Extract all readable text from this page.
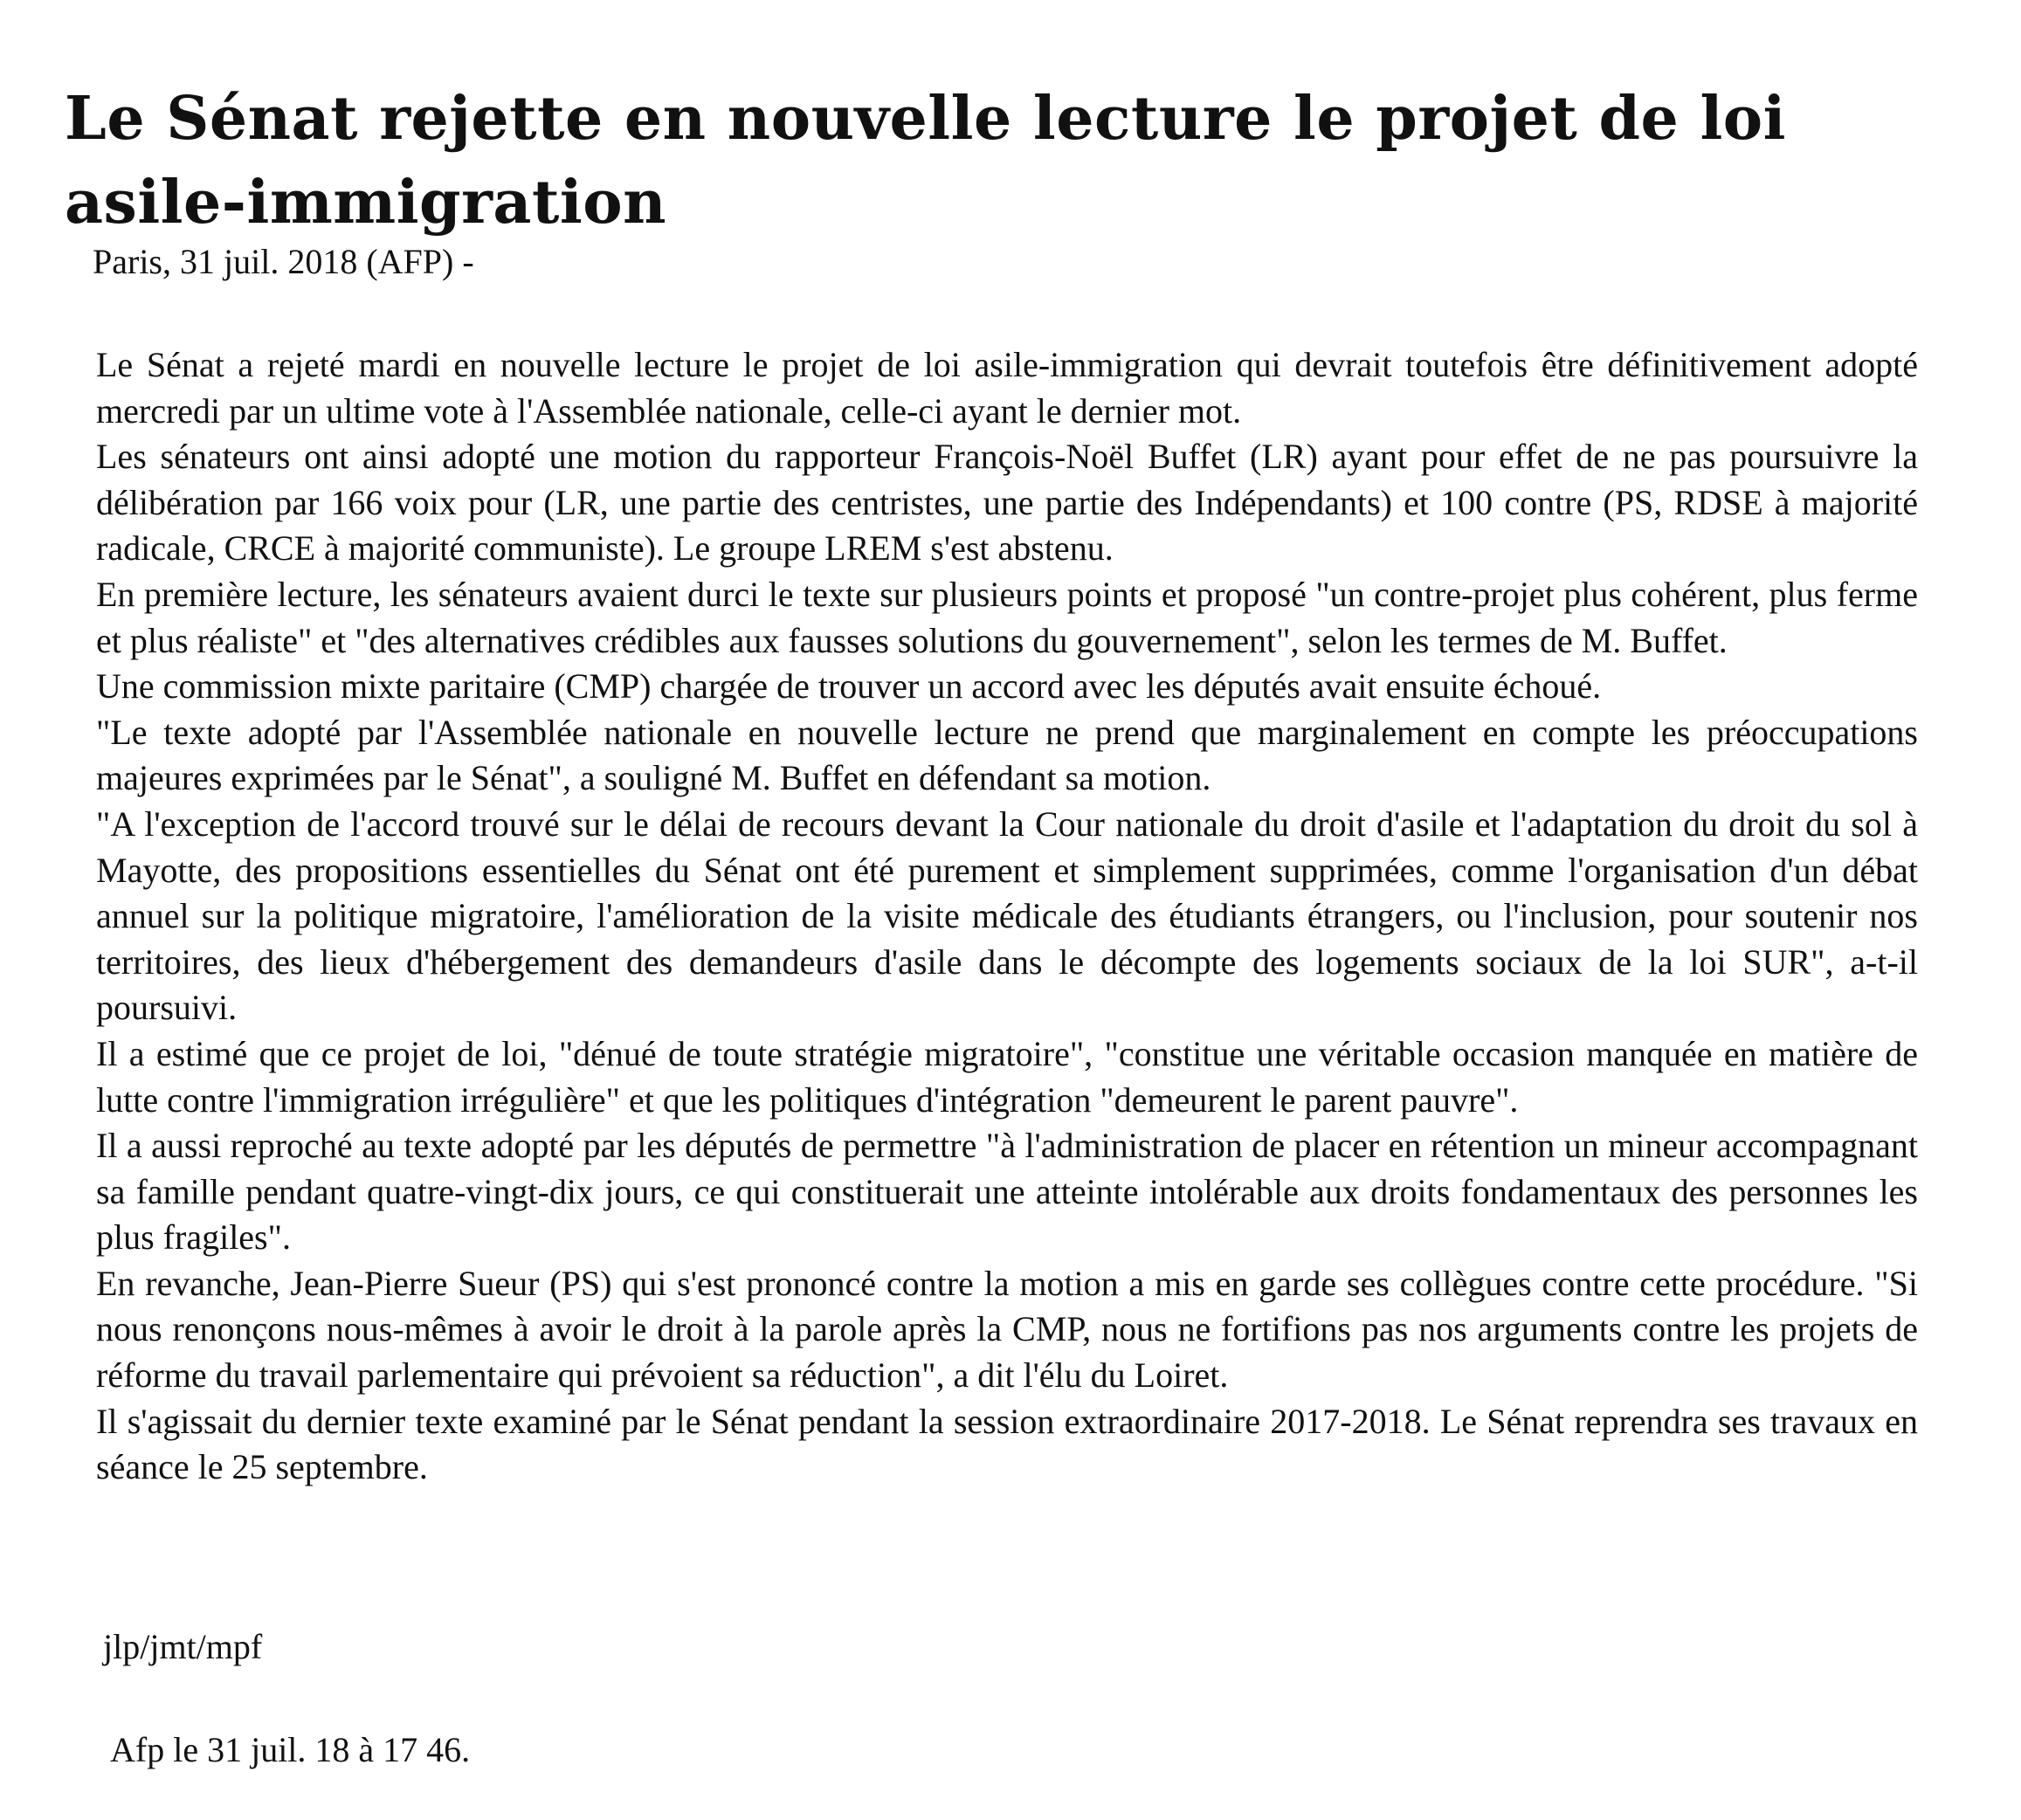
Le Sénat rejette en nouvelle lecture le projet de loi asile-immigration
Paris, 31 juil. 2018 (AFP) -

Le Sénat a rejeté mardi en nouvelle lecture le projet de loi asile-immigration qui devrait toutefois être définitivement adopté mercredi par un ultime vote à l'Assemblée nationale, celle-ci ayant le dernier mot.

Les sénateurs ont ainsi adopté une motion du rapporteur François-Noël Buffet (LR) ayant pour effet de ne pas poursuivre la délibération par 166 voix pour (LR, une partie des centristes, une partie des Indépendants) et 100 contre (PS, RDSE à majorité radicale, CRCE à majorité communiste). Le groupe LREM s'est abstenu.

En première lecture, les sénateurs avaient durci le texte sur plusieurs points et proposé "un contre-projet plus cohérent, plus ferme et plus réaliste" et "des alternatives crédibles aux fausses solutions du gouvernement", selon les termes de M. Buffet.

Une commission mixte paritaire (CMP) chargée de trouver un accord avec les députés avait ensuite échoué.

"Le texte adopté par l'Assemblée nationale en nouvelle lecture ne prend que marginalement en compte les préoccupations majeures exprimées par le Sénat", a souligné M. Buffet en défendant sa motion.

"A l'exception de l'accord trouvé sur le délai de recours devant la Cour nationale du droit d'asile et l'adaptation du droit du sol à Mayotte, des propositions essentielles du Sénat ont été purement et simplement supprimées, comme l'organisation d'un débat annuel sur la politique migratoire, l'amélioration de la visite médicale des étudiants étrangers, ou l'inclusion, pour soutenir nos territoires, des lieux d'hébergement des demandeurs d'asile dans le décompte des logements sociaux de la loi SUR", a-t-il poursuivi.

Il a estimé que ce projet de loi, "dénué de toute stratégie migratoire", "constitue une véritable occasion manquée en matière de lutte contre l'immigration irrégulière" et que les politiques d'intégration "demeurent le parent pauvre".

Il a aussi reproché au texte adopté par les députés de permettre "à l'administration de placer en rétention un mineur accompagnant sa famille pendant quatre-vingt-dix jours, ce qui constituerait une atteinte intolérable aux droits fondamentaux des personnes les plus fragiles".

En revanche, Jean-Pierre Sueur (PS) qui s'est prononcé contre la motion a mis en garde ses collègues contre cette procédure. "Si nous renonçons nous-mêmes à avoir le droit à la parole après la CMP, nous ne fortifions pas nos arguments contre les projets de réforme du travail parlementaire qui prévoient sa réduction", a dit l'élu du Loiret.

Il s'agissait du dernier texte examiné par le Sénat pendant la session extraordinaire 2017-2018. Le Sénat reprendra ses travaux en séance le 25 septembre.

jlp/jmt/mpf
Afp le 31 juil. 18 à 17 46.
